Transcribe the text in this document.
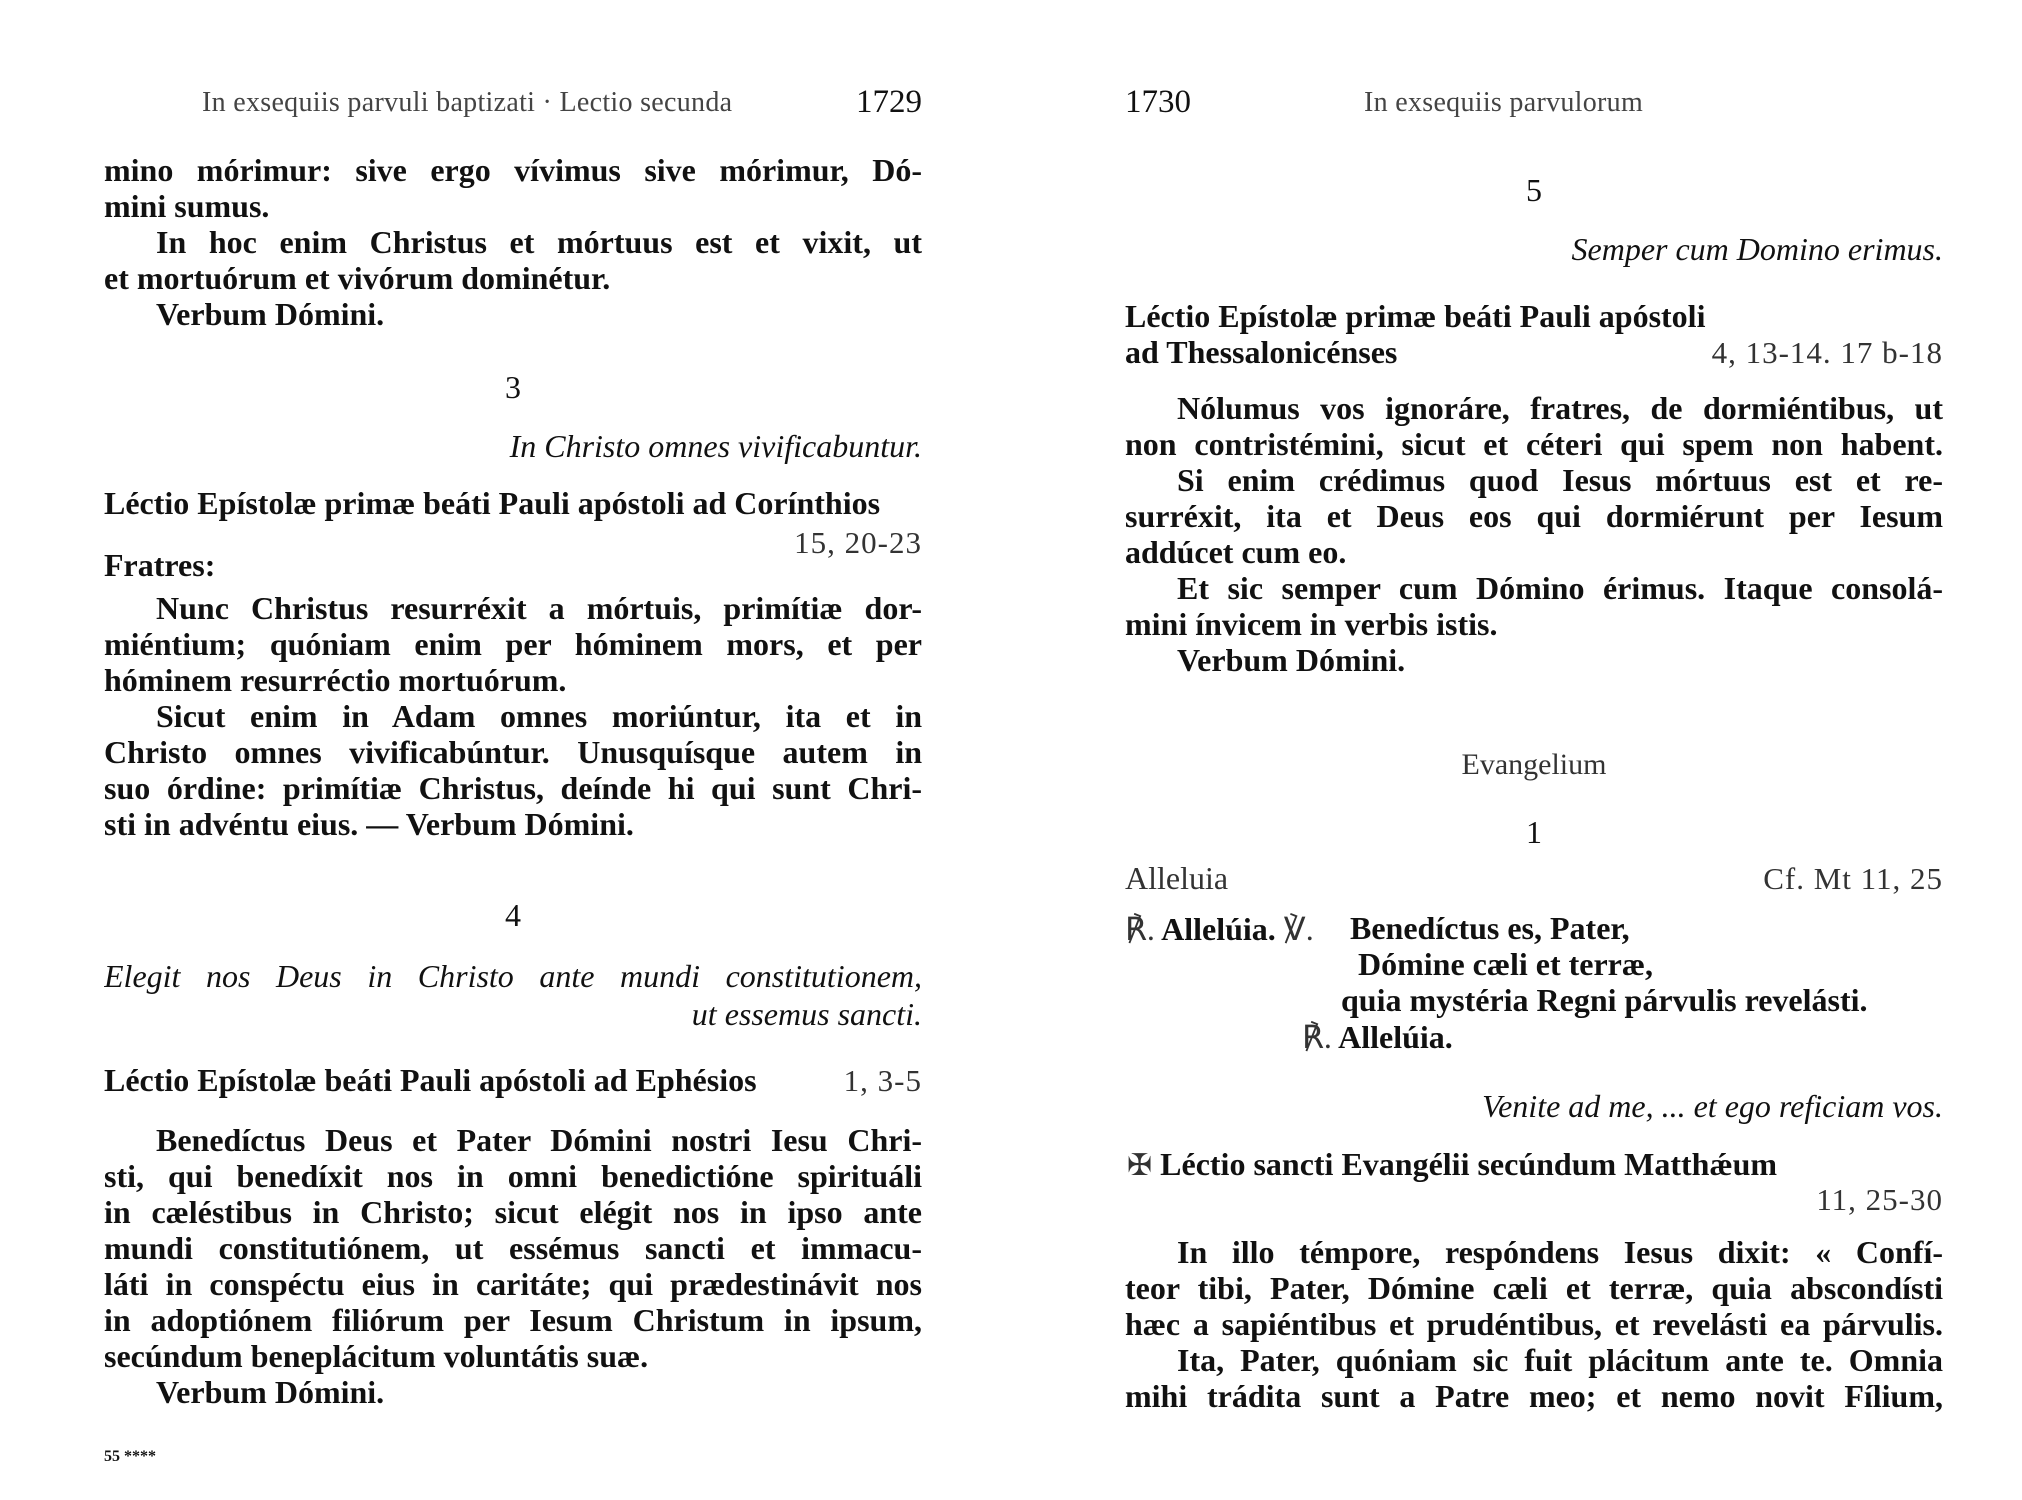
In exsequiis parvuli baptizati · Lectio secunda	1729
mino mórimur: sive ergo vívimus sive mórimur, Dó-
mini sumus.
In hoc enim Christus et mórtuus est et vixit, ut
et mortuórum et vivórum dominétur.
Verbum Dómini.
3
In Christo omnes vivificabuntur.
Léctio Epístolæ primæ beáti Pauli apóstoli ad Corínthios
15, 20-23
Fratres:
Nunc Christus resurréxit a mórtuis, primítiæ dor-
miéntium; quóniam enim per hóminem mors, et per
hóminem resurréctio mortuórum.
Sicut enim in Adam omnes moriúntur, ita et in
Christo omnes vivificabúntur. Unusquísque autem in
suo órdine: primítiæ Christus, deínde hi qui sunt Chri-
sti in advéntu eius. — Verbum Dómini.
4
Elegit nos Deus in Christo ante mundi constitutionem,
ut essemus sancti.
Léctio Epístolæ beáti Pauli apóstoli ad Ephésios	1, 3-5
Benedíctus Deus et Pater Dómini nostri Iesu Chri-
sti, qui benedíxit nos in omni benedictióne spirituáli
in cæléstibus in Christo; sicut elégit nos in ipso ante
mundi constitutiónem, ut essémus sancti et immacu-
láti in conspéctu eius in caritáte; qui prædestinávit nos
in adoptiónem filiórum per Iesum Christum in ipsum,
secúndum beneplácitum voluntátis suæ.
Verbum Dómini.
55 ****
1730	In exsequiis parvulorum
5
Semper cum Domino erimus.
Léctio Epístolæ primæ beáti Pauli apóstoli
ad Thessalonicénses	4, 13-14. 17 b-18
Nólumus vos ignoráre, fratres, de dormiéntibus, ut
non contristémini, sicut et céteri qui spem non habent.
Si enim crédimus quod Iesus mórtuus est et re-
surréxit, ita et Deus eos qui dormiérunt per Iesum
addúcet cum eo.
Et sic semper cum Dómino érimus. Itaque consolá-
mini ínvicem in verbis istis.
Verbum Dómini.
Evangelium
1
Alleluia	Cf. Mt 11, 25
℟. Allelúia. ℣. Benedíctus es, Pater,
Dómine cæli et terræ,
quia mystéria Regni párvulis revelásti.
℟. Allelúia.
Venite ad me, ... et ego reficiam vos.
✠ Léctio sancti Evangélii secúndum Matthǽum
11, 25-30
In illo témpore, respóndens Iesus dixit: « Confí-
teor tibi, Pater, Dómine cæli et terræ, quia abscondísti
hæc a sapiéntibus et prudéntibus, et revelásti ea párvulis.
Ita, Pater, quóniam sic fuit plácitum ante te. Omnia
mihi trádita sunt a Patre meo; et nemo novit Fílium,
